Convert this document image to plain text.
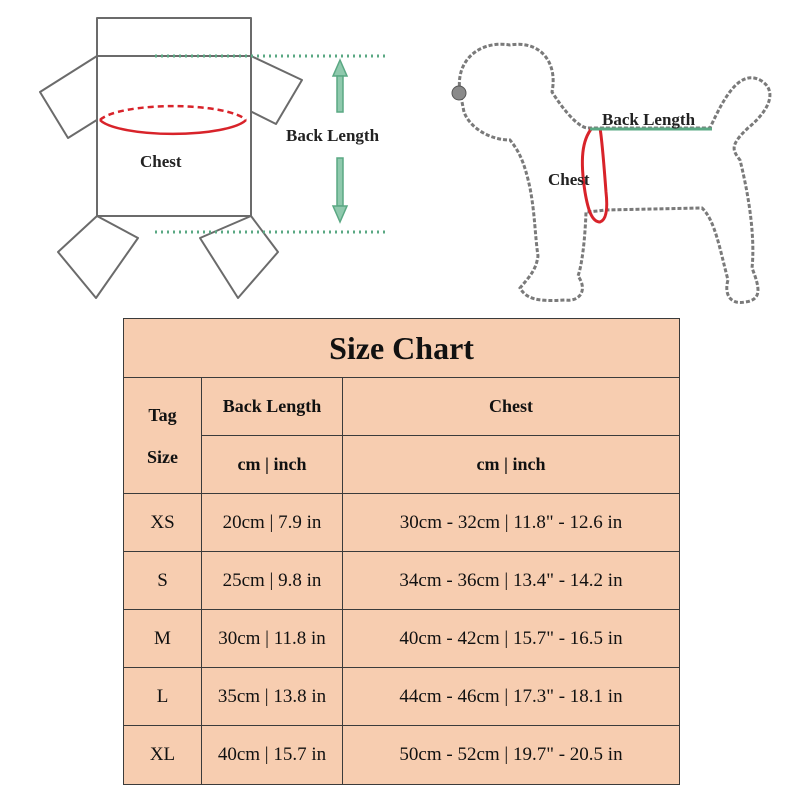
Back Length
Chest
Back Length
Chest
Size Chart		

Tag
Size	Back Length	Chest
	cm | inch	cm | inch
XS	20cm | 7.9 in	30cm - 32cm | 11.8" - 12.6 in
S	25cm | 9.8 in	34cm - 36cm | 13.4" - 14.2 in
M	30cm | 11.8 in	40cm - 42cm | 15.7" - 16.5 in
L	35cm | 13.8 in	44cm - 46cm | 17.3" - 18.1 in
XL	40cm | 15.7 in	50cm - 52cm | 19.7" - 20.5 in
